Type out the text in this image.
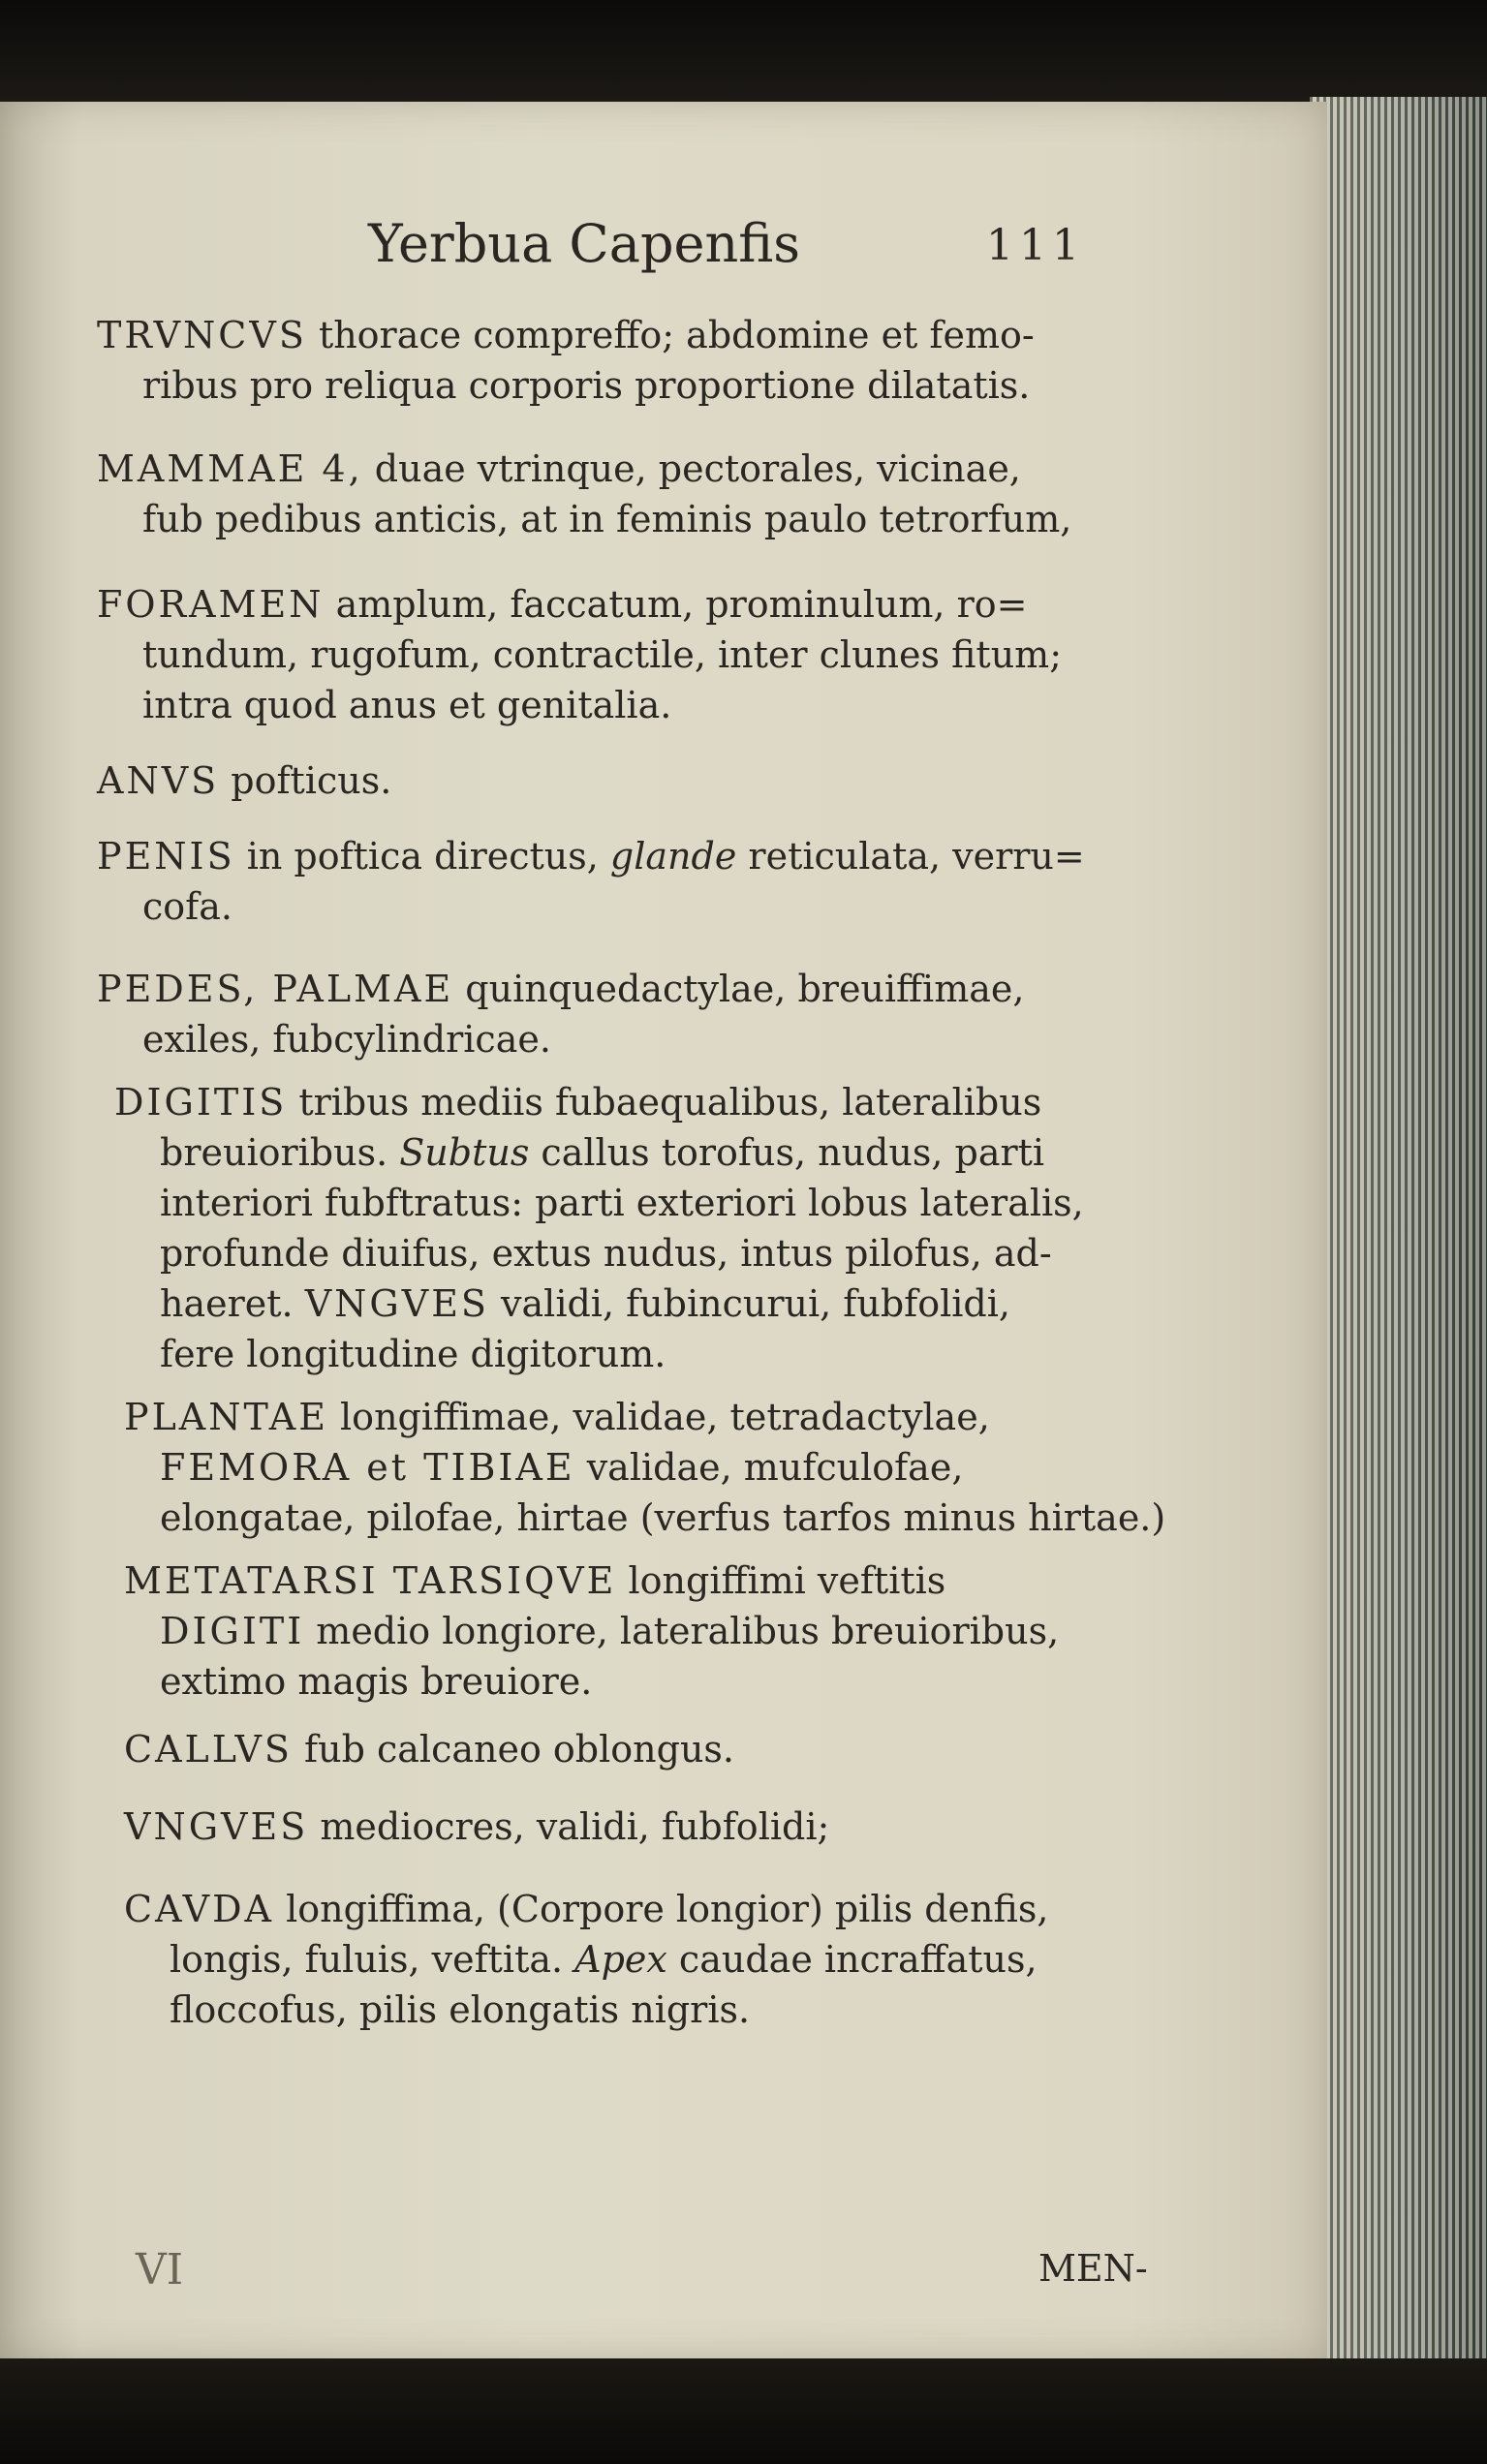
Yerbua Capenfis	111
TRVNCVS thorace compreffo; abdomine et femo-
ribus pro reliqua corporis proportione dilatatis.
MAMMAE 4, duae vtrinque, pectorales, vicinae,
fub pedibus anticis, at in feminis paulo tetrorfum,
FORAMEN amplum, faccatum, prominulum, ro=
tundum, rugofum, contractile, inter clunes fitum;
intra quod anus et genitalia.
ANVS pofticus.
PENIS in poftica directus, glande reticulata, verru=
cofa.
PEDES, PALMAE quinquedactylae, breuiffimae,
exiles, fubcylindricae.
DIGITIS tribus mediis fubaequalibus, lateralibus
breuioribus. Subtus callus torofus, nudus, parti
interiori fubftratus: parti exteriori lobus lateralis,
profunde diuifus, extus nudus, intus pilofus, ad-
haeret. VNGVES validi, fubincurui, fubfolidi,
fere longitudine digitorum.
PLANTAE longiffimae, validae, tetradactylae,
FEMORA et TIBIAE validae, mufculofae,
elongatae, pilofae, hirtae (verfus tarfos minus hirtae.)
METATARSI TARSIQVE longiffimi veftitis
DIGITI medio longiore, lateralibus breuioribus,
extimo magis breuiore.
CALLVS fub calcaneo oblongus.
VNGVES mediocres, validi, fubfolidi;
CAVDA longiffima, (Corpore longior) pilis denfis,
longis, fuluis, veftita. Apex caudae incraffatus,
floccofus, pilis elongatis nigris.
VI	MEN-
